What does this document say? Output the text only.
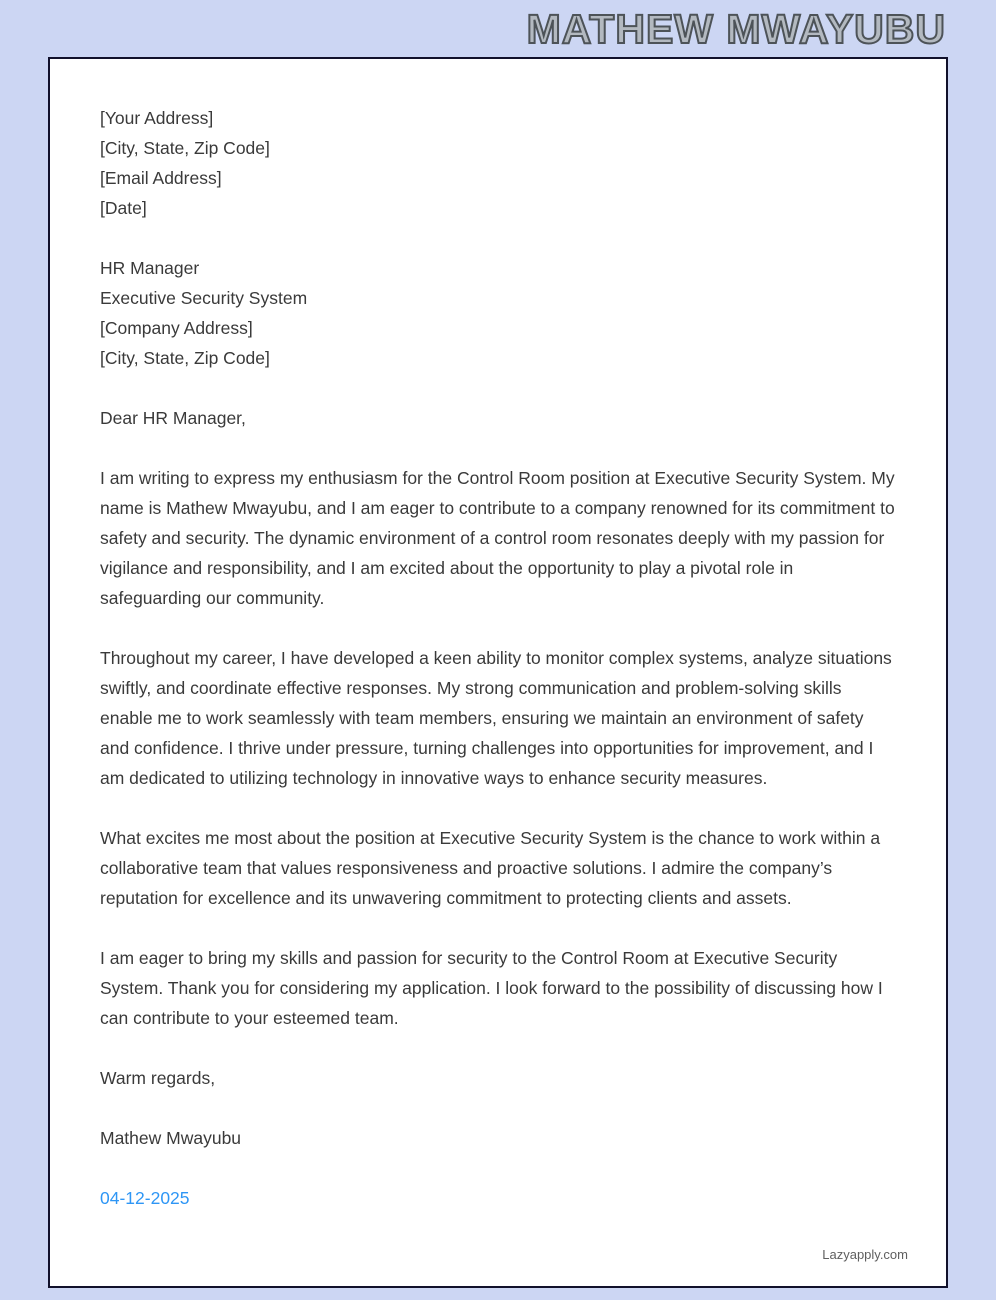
MATHEW MWAYUBU
[Your Address]
[City, State, Zip Code]
[Email Address]
[Date]
HR Manager
Executive Security System
[Company Address]
[City, State, Zip Code]
Dear HR Manager,

I am writing to express my enthusiasm for the Control Room position at Executive Security System. My name is Mathew Mwayubu, and I am eager to contribute to a company renowned for its commitment to safety and security. The dynamic environment of a control room resonates deeply with my passion for vigilance and responsibility, and I am excited about the opportunity to play a pivotal role in safeguarding our community.

Throughout my career, I have developed a keen ability to monitor complex systems, analyze situations swiftly, and coordinate effective responses. My strong communication and problem-solving skills enable me to work seamlessly with team members, ensuring we maintain an environment of safety and confidence. I thrive under pressure, turning challenges into opportunities for improvement, and I am dedicated to utilizing technology in innovative ways to enhance security measures.

What excites me most about the position at Executive Security System is the chance to work within a collaborative team that values responsiveness and proactive solutions. I admire the company’s reputation for excellence and its unwavering commitment to protecting clients and assets.

I am eager to bring my skills and passion for security to the Control Room at Executive Security System. Thank you for considering my application. I look forward to the possibility of discussing how I can contribute to your esteemed team.

Warm regards,
Mathew Mwayubu
04-12-2025
Lazyapply.com
